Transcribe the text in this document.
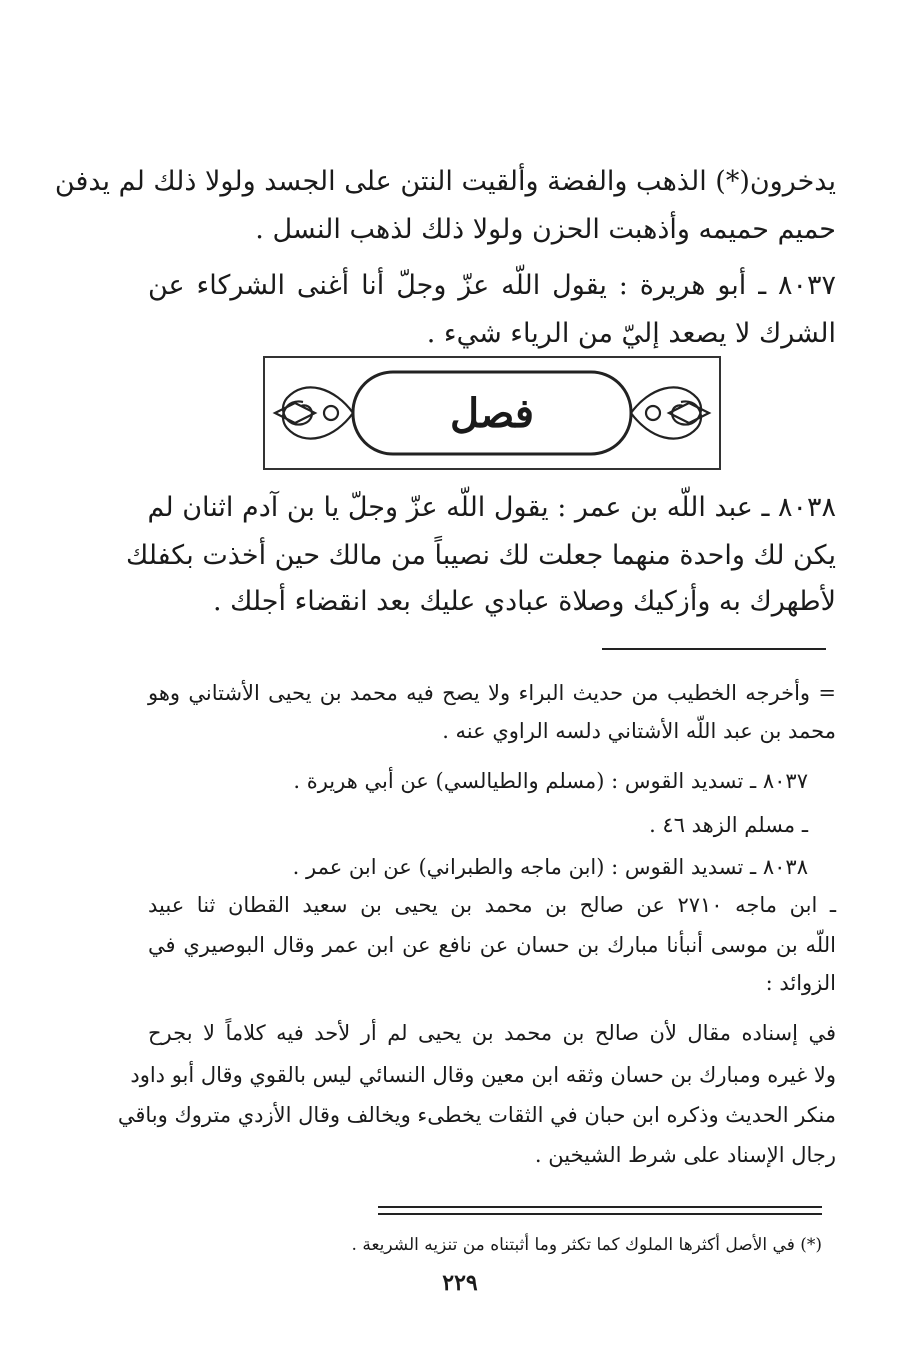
يدخرون(*) الذهب والفضة وألقيت النتن على الجسد ولولا ذلك لم يدفن
حميم حميمه وأذهبت الحزن ولولا ذلك لذهب النسل .
٨٠٣٧ ـ أبو هريرة : يقول اللّه عزّ وجلّ أنا أغنى الشركاء عن
الشرك لا يصعد إليّ من الرياء شيء .
فصل
٨٠٣٨ ـ عبد اللّه بن عمر : يقول اللّه عزّ وجلّ يا بن آدم اثنان لم
يكن لك واحدة منهما جعلت لك نصيباً من مالك حين أخذت بكفلك
لأطهرك به وأزكيك وصلاة عبادي عليك بعد انقضاء أجلك .
= وأخرجه الخطيب من حديث البراء ولا يصح فيه محمد بن يحيى الأشتاني وهو
محمد بن عبد اللّه الأشتاني دلسه الراوي عنه .
٨٠٣٧ ـ تسديد القوس : (مسلم والطيالسي) عن أبي هريرة .
ـ مسلم الزهد ٤٦ .
٨٠٣٨ ـ تسديد القوس : (ابن ماجه والطبراني) عن ابن عمر .
ـ ابن ماجه ٢٧١٠ عن صالح بن محمد بن يحيى بن سعيد القطان ثنا عبيد
اللّه بن موسى أنبأنا مبارك بن حسان عن نافع عن ابن عمر وقال البوصيري في
الزوائد :
في إسناده مقال لأن صالح بن محمد بن يحيى لم أر لأحد فيه كلاماً لا بجرح
ولا غيره ومبارك بن حسان وثقه ابن معين وقال النسائي ليس بالقوي وقال أبو داود
منكر الحديث وذكره ابن حبان في الثقات يخطىء ويخالف وقال الأزدي متروك وباقي
رجال الإسناد على شرط الشيخين .
(*) في الأصل أكثرها الملوك كما تكثر وما أثبتناه من تنزيه الشريعة .
٢٢٩
